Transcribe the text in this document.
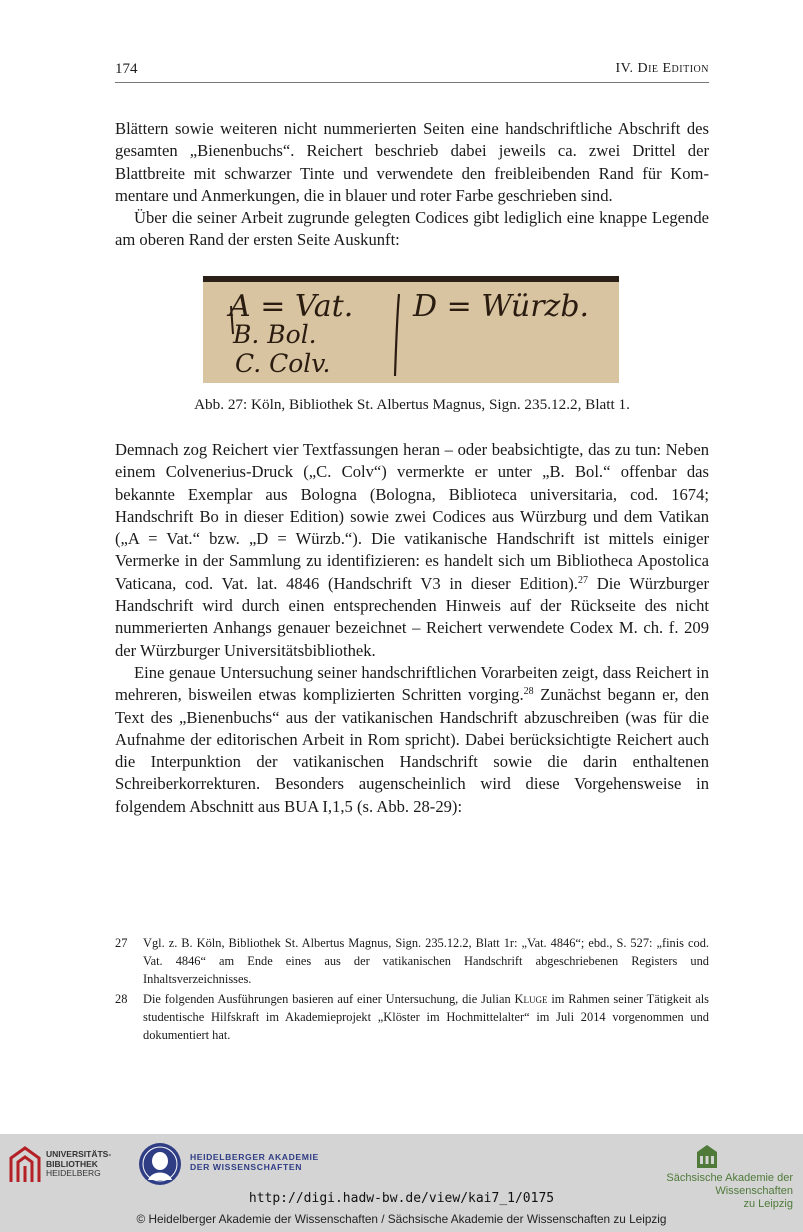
174	IV. Die Edition

Blättern sowie weiteren nicht nummerierten Seiten eine handschriftliche Abschrift des gesamten „Bienenbuchs“. Reichert beschrieb dabei jeweils ca. zwei Drittel der Blattbreite mit schwarzer Tinte und verwendete den freibleibenden Rand für Kommentare und Anmerkungen, die in blauer und roter Farbe geschrieben sind.

Über die seiner Arbeit zugrunde gelegten Codices gibt lediglich eine knappe Legende am oberen Rand der ersten Seite Auskunft:

A = Vat.
B. Bol.
C. Colv.
D = Würzb.
Abb. 27: Köln, Bibliothek St. Albertus Magnus, Sign. 235.12.2, Blatt 1.

Demnach zog Reichert vier Textfassungen heran – oder beabsichtigte, das zu tun: Neben einem Colvenerius-Druck („C. Colv“) vermerkte er unter „B. Bol.“ offenbar das bekannte Exemplar aus Bologna (Bologna, Biblioteca universitaria, cod. 1674; Handschrift Bo in dieser Edition) sowie zwei Codices aus Würzburg und dem Vatikan („A = Vat.“ bzw. „D = Würzb.“). Die vatikanische Handschrift ist mittels einiger Vermerke in der Sammlung zu identifizieren: es handelt sich um Bibliotheca Apostolica Vaticana, cod. Vat. lat. 4846 (Handschrift V3 in dieser Edition).$^{27}$ Die Würzburger Handschrift wird durch einen entsprechenden Hinweis auf der Rückseite des nicht nummerierten Anhangs genauer bezeichnet – Reichert verwendete Codex M. ch. f. 209 der Würzburger Universitätsbibliothek.

Eine genaue Untersuchung seiner handschriftlichen Vorarbeiten zeigt, dass Reichert in mehreren, bisweilen etwas komplizierten Schritten vorging.$^{28}$ Zunächst begann er, den Text des „Bienenbuchs“ aus der vatikanischen Handschrift abzuschreiben (was für die Aufnahme der editorischen Arbeit in Rom spricht). Dabei berücksichtigte Reichert auch die Interpunktion der vatikanischen Handschrift sowie die darin enthaltenen Schreiberkorrekturen. Besonders augenscheinlich wird diese Vorgehensweise in folgendem Abschnitt aus BUA I,1,5 (s. Abb. 28-29):

27	Vgl. z. B. Köln, Bibliothek St. Albertus Magnus, Sign. 235.12.2, Blatt 1r: „Vat. 4846“; ebd., S. 527: „finis cod. Vat. 4846“ am Ende eines aus der vatikanischen Handschrift abgeschriebenen Registers und Inhaltsverzeichnisses.
28	Die folgenden Ausführungen basieren auf einer Untersuchung, die Julian Kluge im Rahmen seiner Tätigkeit als studentische Hilfskraft im Akademieprojekt „Klöster im Hochmittelalter“ im Juli 2014 vorgenommen und dokumentiert hat.
UNIVERSITÄTS-
BIBLIOTHEK
HEIDELBERG
HEIDELBERGER AKADEMIE
DER WISSENSCHAFTEN
Sächsische Akademie der Wissenschaften
zu Leipzig
http://digi.hadw-bw.de/view/kai7_1/0175
© Heidelberger Akademie der Wissenschaften / Sächsische Akademie der Wissenschaften zu Leipzig
